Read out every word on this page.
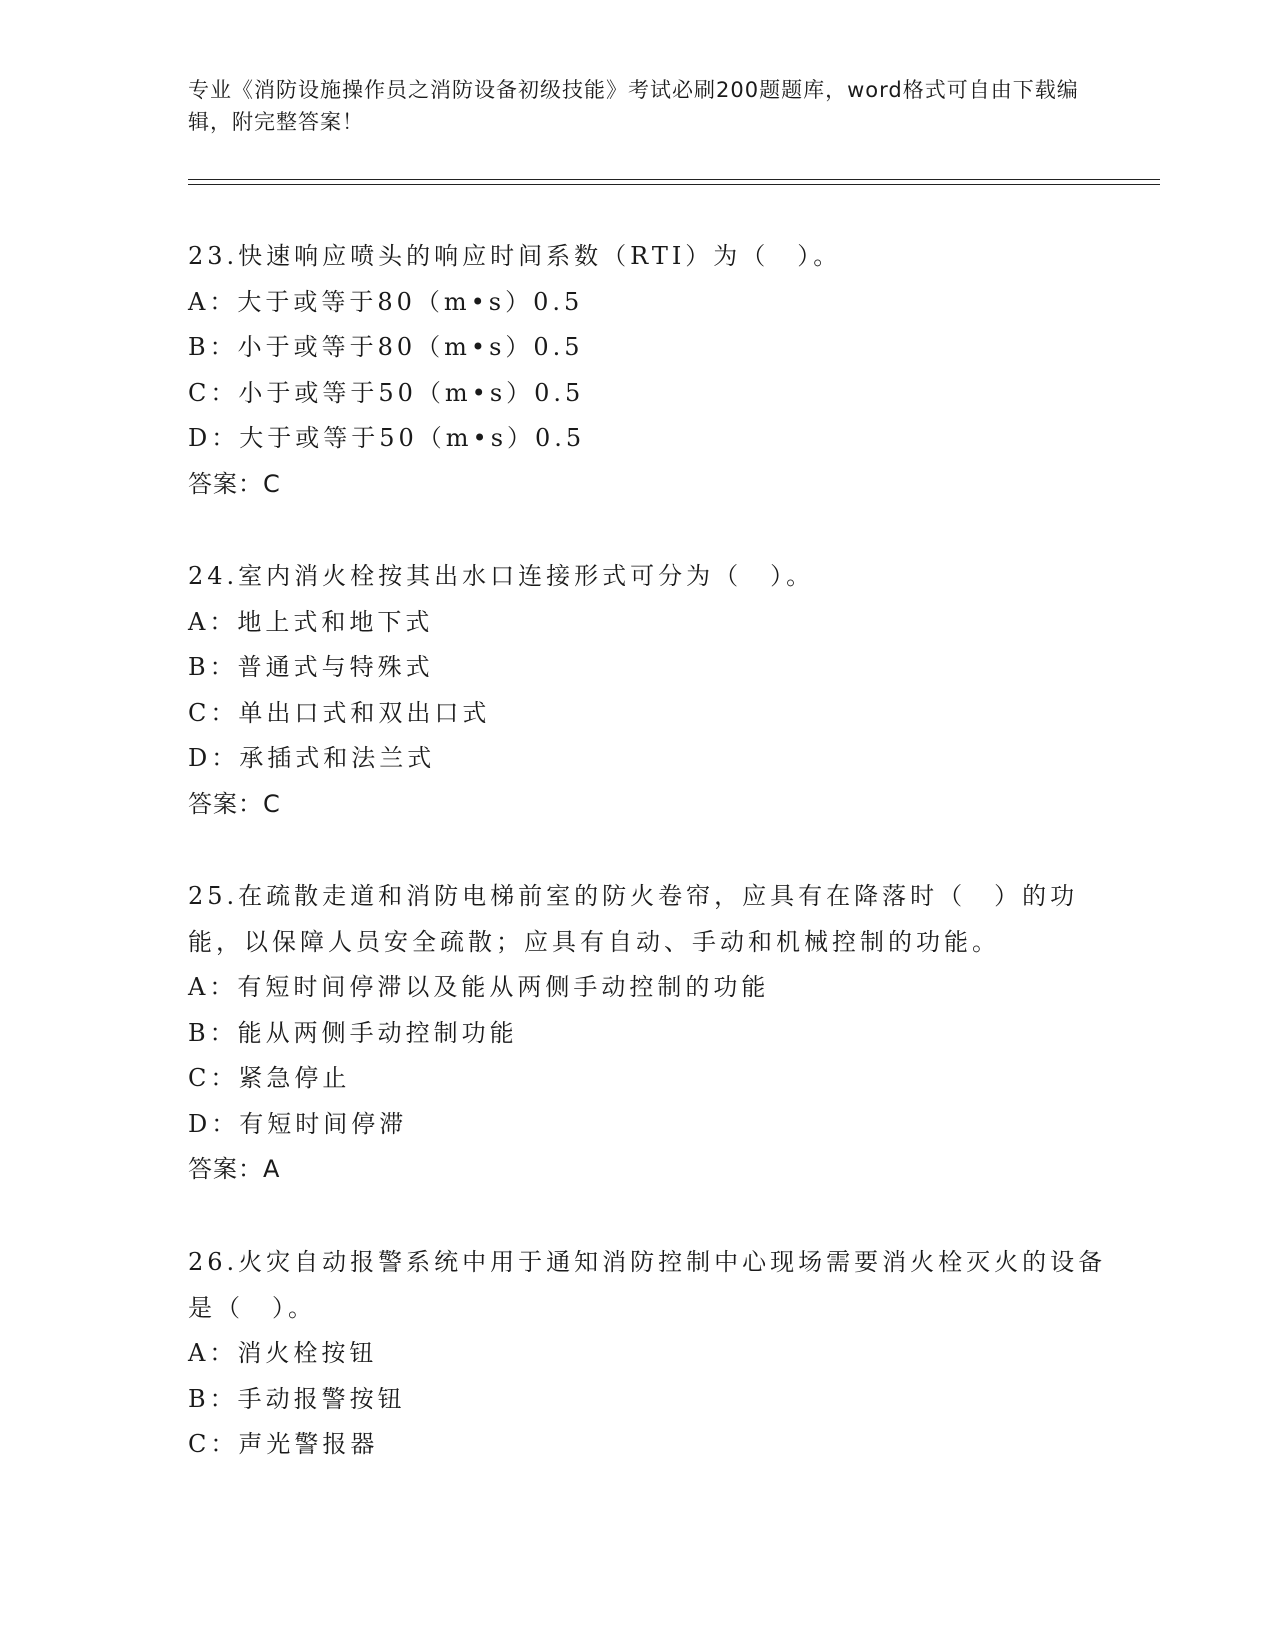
专业《消防设施操作员之消防设备初级技能》考试必刷200题题库，word格式可自由下载编辑，附完整答案！

23.快速响应喷头的响应时间系数（RTI）为（　）。

A：大于或等于80（m•s）0.5

B：小于或等于80（m•s）0.5

C：小于或等于50（m•s）0.5

D：大于或等于50（m•s）0.5

答案：C

24.室内消火栓按其出水口连接形式可分为（　）。

A：地上式和地下式

B：普通式与特殊式

C：单出口式和双出口式

D：承插式和法兰式

答案：C

25.在疏散走道和消防电梯前室的防火卷帘，应具有在降落时（　）的功能，以保障人员安全疏散；应具有自动、手动和机械控制的功能。

A：有短时间停滞以及能从两侧手动控制的功能

B：能从两侧手动控制功能

C：紧急停止

D：有短时间停滞

答案：A

26.火灾自动报警系统中用于通知消防控制中心现场需要消火栓灭火的设备是（　）。

A：消火栓按钮

B：手动报警按钮

C：声光警报器
